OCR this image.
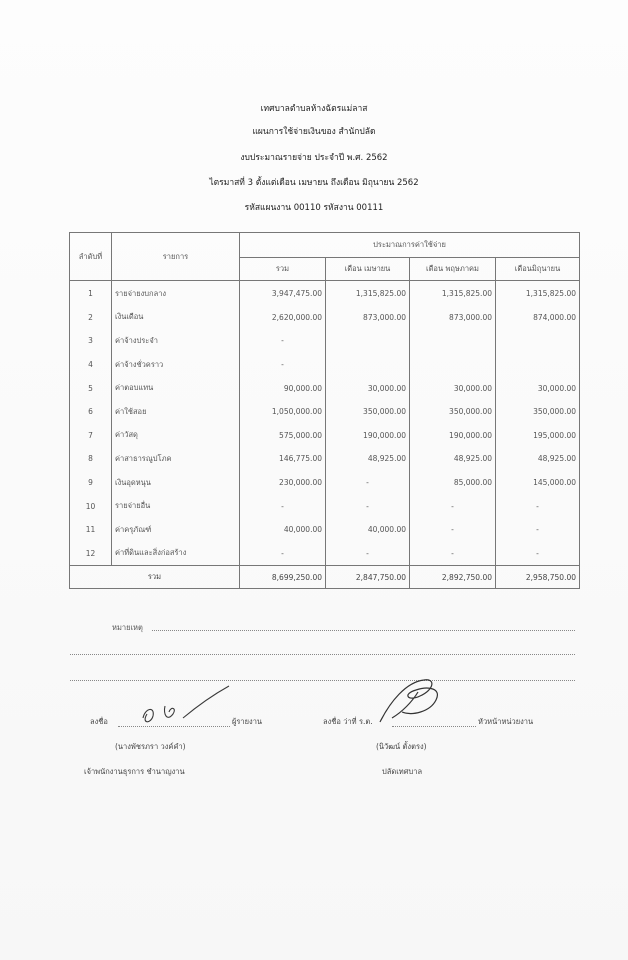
เทศบาลตำบลห้างฉัตรแม่ลาส
แผนการใช้จ่ายเงินของ สำนักปลัด
งบประมาณรายจ่าย ประจำปี พ.ศ. 2562
ไตรมาสที่ 3 ตั้งแต่เดือน เมษายน ถึงเดือน มิถุนายน 2562
รหัสแผนงาน 00110 รหัสงาน 00111
ลำดับที่	รายการ	ประมาณการค่าใช้จ่าย			
		รวม	เดือน เมษายน	เดือน พฤษภาคม	เดือนมิถุนายน
1	รายจ่ายงบกลาง	3,947,475.00	1,315,825.00	1,315,825.00	1,315,825.00
2	เงินเดือน	2,620,000.00	873,000.00	873,000.00	874,000.00
3	ค่าจ้างประจำ	-			
4	ค่าจ้างชั่วคราว	-			
5	ค่าตอบแทน	90,000.00	30,000.00	30,000.00	30,000.00
6	ค่าใช้สอย	1,050,000.00	350,000.00	350,000.00	350,000.00
7	ค่าวัสดุ	575,000.00	190,000.00	190,000.00	195,000.00
8	ค่าสาธารณูปโภค	146,775.00	48,925.00	48,925.00	48,925.00
9	เงินอุดหนุน	230,000.00	-	85,000.00	145,000.00
10	รายจ่ายอื่น	-	-	-	-
11	ค่าครุภัณฑ์	40,000.00	40,000.00	-	-
12	ค่าที่ดินและสิ่งก่อสร้าง	-	-	-	-
รวม		8,699,250.00	2,847,750.00	2,892,750.00	2,958,750.00
หมายเหตุ
ลงชื่อ	ผู้รายงาน
(นางพัชรภรา วงค์คำ)
เจ้าพนักงานธุรการ ชำนาญงาน
ลงชื่อ ว่าที่ ร.ต.	หัวหน้าหน่วยงาน
(นิวัฒน์ ตั้งตรง)
ปลัดเทศบาล
